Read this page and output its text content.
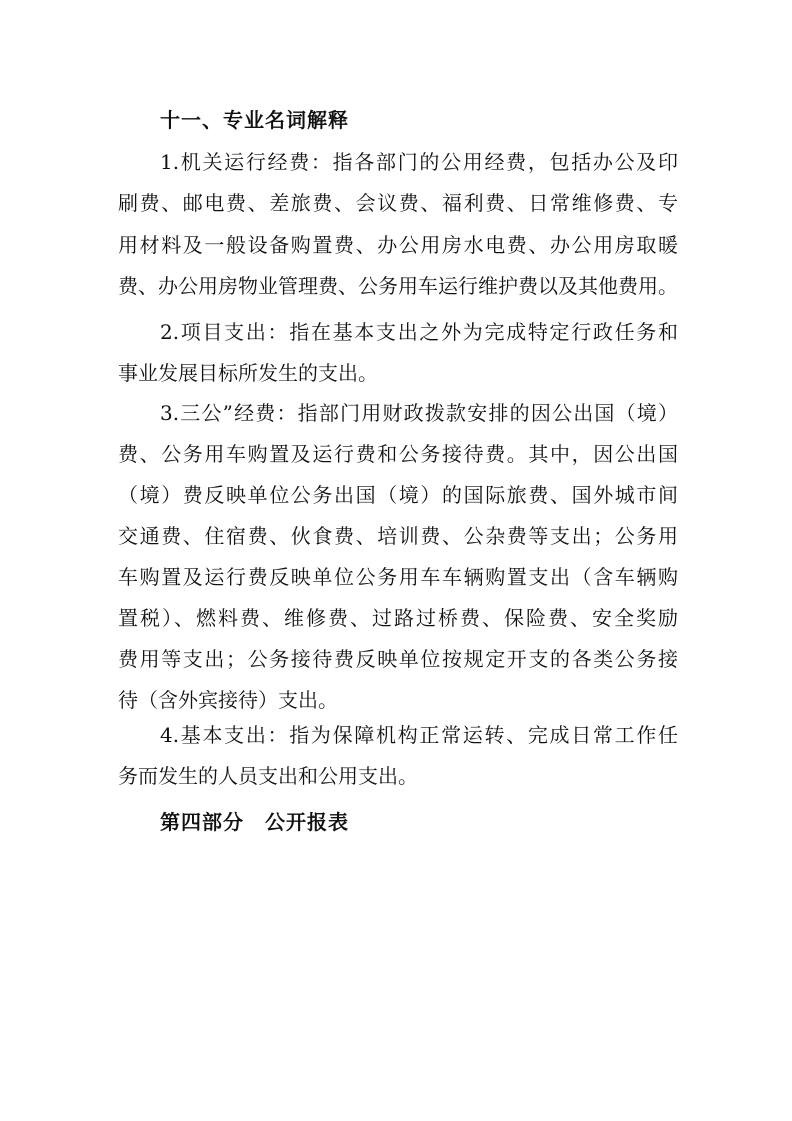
十一、专业名词解释
1.机关运行经费：指各部门的公用经费，包括办公及印
刷费、邮电费、差旅费、会议费、福利费、日常维修费、专
用材料及一般设备购置费、办公用房水电费、办公用房取暖
费、办公用房物业管理费、公务用车运行维护费以及其他费用。
2.项目支出：指在基本支出之外为完成特定行政任务和
事业发展目标所发生的支出。
3.三公”经费：指部门用财政拨款安排的因公出国（境）
费、公务用车购置及运行费和公务接待费。其中，因公出国
（境）费反映单位公务出国（境）的国际旅费、国外城市间
交通费、住宿费、伙食费、培训费、公杂费等支出；公务用
车购置及运行费反映单位公务用车车辆购置支出（含车辆购
置税）、燃料费、维修费、过路过桥费、保险费、安全奖励
费用等支出；公务接待费反映单位按规定开支的各类公务接
待（含外宾接待）支出。
4.基本支出：指为保障机构正常运转、完成日常工作任
务而发生的人员支出和公用支出。
第四部分　公开报表
